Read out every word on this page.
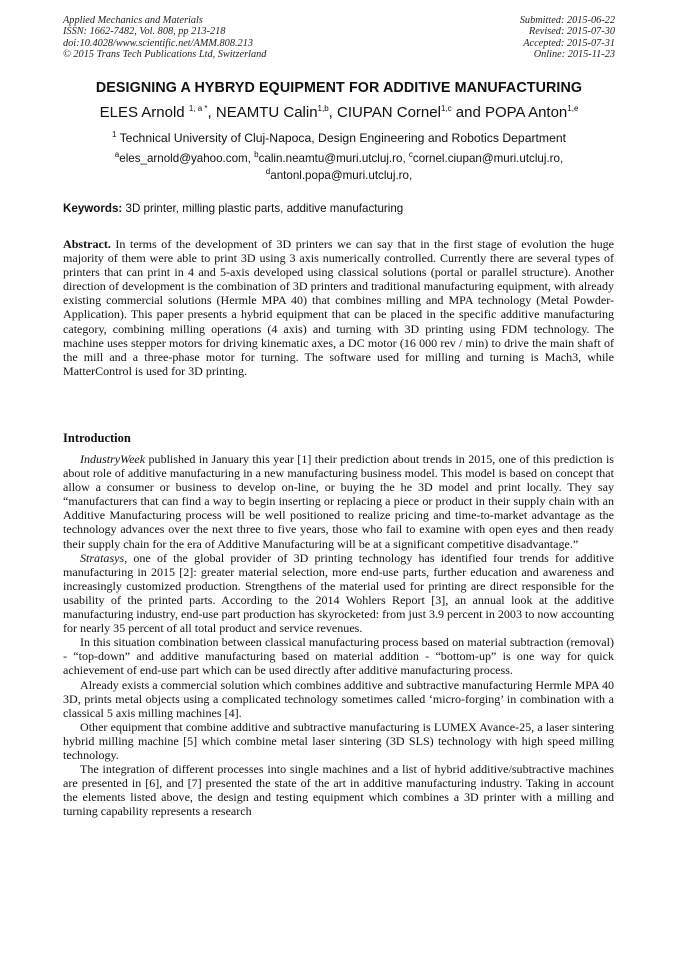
Applied Mechanics and Materials
ISSN: 1662-7482, Vol. 808, pp 213-218
doi:10.4028/www.scientific.net/AMM.808.213
© 2015 Trans Tech Publications Ltd, Switzerland
Submitted: 2015-06-22
Revised: 2015-07-30
Accepted: 2015-07-31
Online: 2015-11-23
DESIGNING A HYBRYD EQUIPMENT FOR ADDITIVE MANUFACTURING
ELES Arnold $^{1, a *}$, NEAMTU Calin$^{1,b}$, CIUPAN Cornel$^{1,c}$ and POPA Anton$^{1,e}$
$^1$ Technical University of Cluj-Napoca, Design Engineering and Robotics Department
$^a$eles_arnold@yahoo.com, $^b$calin.neamtu@muri.utcluj.ro, $^c$cornel.ciupan@muri.utcluj.ro,
$^d$antonl.popa@muri.utcluj.ro,
Keywords: 3D printer, milling plastic parts, additive manufacturing
Abstract. In terms of the development of 3D printers we can say that in the first stage of evolution the huge majority of them were able to print 3D using 3 axis numerically controlled. Currently there are several types of printers that can print in 4 and 5-axis developed using classical solutions (portal or parallel structure). Another direction of development is the combination of 3D printers and traditional manufacturing equipment, with already existing commercial solutions (Hermle MPA 40) that combines milling and MPA technology (Metal Powder-Application). This paper presents a hybrid equipment that can be placed in the specific additive manufacturing category, combining milling operations (4 axis) and turning with 3D printing using FDM technology. The machine uses stepper motors for driving kinematic axes, a DC motor (16 000 rev / min) to drive the main shaft of the mill and a three-phase motor for turning. The software used for milling and turning is Mach3, while MatterControl is used for 3D printing.
Introduction

IndustryWeek published in January this year [1] their prediction about trends in 2015, one of this prediction is about role of additive manufacturing in a new manufacturing business model. This model is based on concept that allow a consumer or business to develop on-line, or buying the he 3D model and print locally. They say “manufacturers that can find a way to begin inserting or replacing a piece or product in their supply chain with an Additive Manufacturing process will be well positioned to realize pricing and time-to-market advantage as the technology advances over the next three to five years, those who fail to examine with open eyes and then ready their supply chain for the era of Additive Manufacturing will be at a significant competitive disadvantage.”

Stratasys, one of the global provider of 3D printing technology has identified four trends for additive manufacturing in 2015 [2]: greater material selection, more end-use parts, further education and awareness and increasingly customized production. Strengthens of the material used for printing are direct responsible for the usability of the printed parts. According to the 2014 Wohlers Report [3], an annual look at the additive manufacturing industry, end-use part production has skyrocketed: from just 3.9 percent in 2003 to now accounting for nearly 35 percent of all total product and service revenues.

In this situation combination between classical manufacturing process based on material subtraction (removal) - “top-down” and additive manufacturing based on material addition - “bottom-up” is one way for quick achievement of end-use part which can be used directly after additive manufacturing process.

Already exists a commercial solution which combines additive and subtractive manufacturing Hermle MPA 40 3D, prints metal objects using a complicated technology sometimes called ‘micro-forging’ in combination with a classical 5 axis milling machines [4].

Other equipment that combine additive and subtractive manufacturing is LUMEX Avance-25, a laser sintering hybrid milling machine [5] which combine metal laser sintering (3D SLS) technology with high speed milling technology.

The integration of different processes into single machines and a list of hybrid additive/subtractive machines are presented in [6], and [7] presented the state of the art in additive manufacturing industry. Taking in account the elements listed above, the design and testing equipment which combines a 3D printer with a milling and turning capability represents a research
